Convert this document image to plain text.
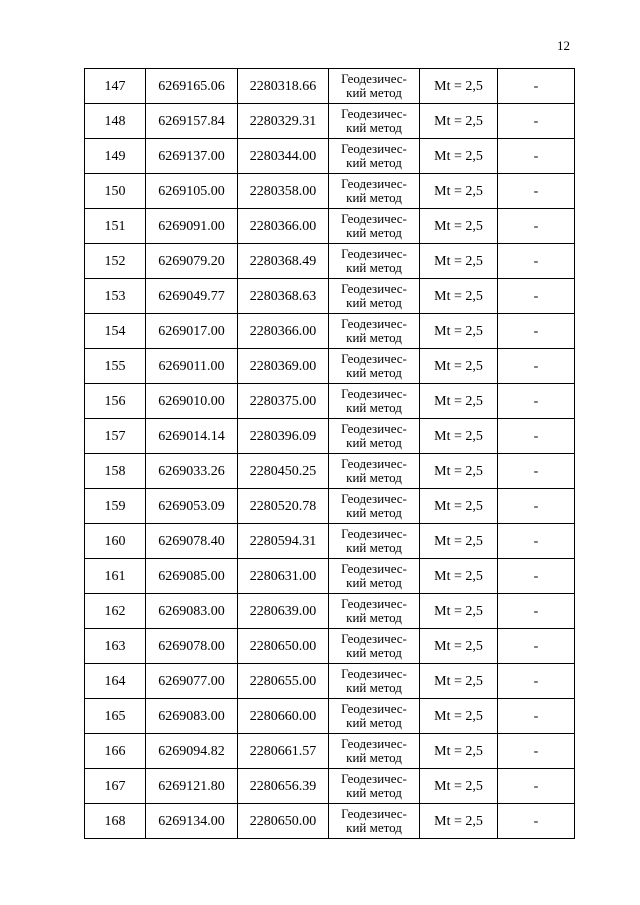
12
147	6269165.06	2280318.66	Геодезичес-
кий метод	Mt = 2,5	-
148	6269157.84	2280329.31	Геодезичес-
кий метод	Mt = 2,5	-
149	6269137.00	2280344.00	Геодезичес-
кий метод	Mt = 2,5	-
150	6269105.00	2280358.00	Геодезичес-
кий метод	Mt = 2,5	-
151	6269091.00	2280366.00	Геодезичес-
кий метод	Mt = 2,5	-
152	6269079.20	2280368.49	Геодезичес-
кий метод	Mt = 2,5	-
153	6269049.77	2280368.63	Геодезичес-
кий метод	Mt = 2,5	-
154	6269017.00	2280366.00	Геодезичес-
кий метод	Mt = 2,5	-
155	6269011.00	2280369.00	Геодезичес-
кий метод	Mt = 2,5	-
156	6269010.00	2280375.00	Геодезичес-
кий метод	Mt = 2,5	-
157	6269014.14	2280396.09	Геодезичес-
кий метод	Mt = 2,5	-
158	6269033.26	2280450.25	Геодезичес-
кий метод	Mt = 2,5	-
159	6269053.09	2280520.78	Геодезичес-
кий метод	Mt = 2,5	-
160	6269078.40	2280594.31	Геодезичес-
кий метод	Mt = 2,5	-
161	6269085.00	2280631.00	Геодезичес-
кий метод	Mt = 2,5	-
162	6269083.00	2280639.00	Геодезичес-
кий метод	Mt = 2,5	-
163	6269078.00	2280650.00	Геодезичес-
кий метод	Mt = 2,5	-
164	6269077.00	2280655.00	Геодезичес-
кий метод	Mt = 2,5	-
165	6269083.00	2280660.00	Геодезичес-
кий метод	Mt = 2,5	-
166	6269094.82	2280661.57	Геодезичес-
кий метод	Mt = 2,5	-
167	6269121.80	2280656.39	Геодезичес-
кий метод	Mt = 2,5	-
168	6269134.00	2280650.00	Геодезичес-
кий метод	Mt = 2,5	-
